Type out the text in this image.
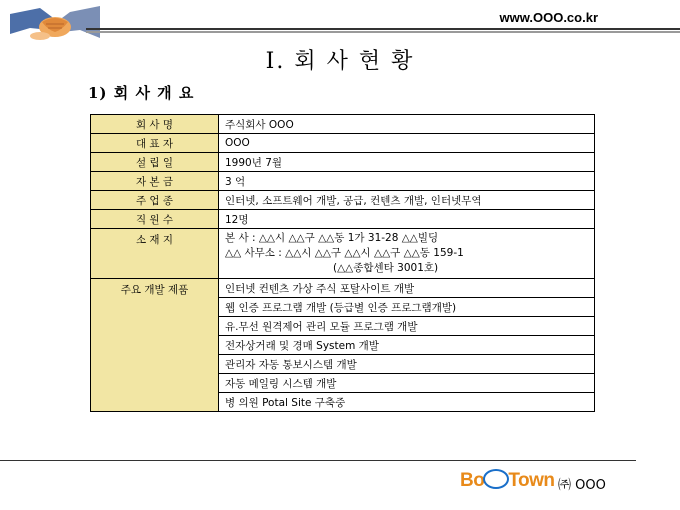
www.OOO.co.kr
I. 회 사 현 황
1) 회 사 개 요
회 사 명	주식회사 OOO
대 표 자	OOO
설 립 일	1990년 7월
자 본 금	3 억
주 업 종	인터넷, 소프트웨어 개발, 공급, 컨텐츠 개발, 인터넷무역
직 원 수	12명
소 재 지	본 사 : △△시 △△구 △△동 1가 31-28 △△빌딩
△△ 사무소 : △△시 △△구 △△시 △△구 △△동 159-1
(△△종합센타 3001호)

주요 개발 제품	인터넷 컨텐츠 가상 주식 포탈사이트 개발
	웹 인증 프로그램 개발 (등급별 인증 프로그램개발)
	유.무선 원격제어 관리 모듈 프로그램 개발
	전자상거래 및 경매 System 개발
	관리자 자동 통보시스템 개발
	자동 메일링 시스템 개발
	병 의원 Potal Site 구축중
Bo Town ㈜ OOO
